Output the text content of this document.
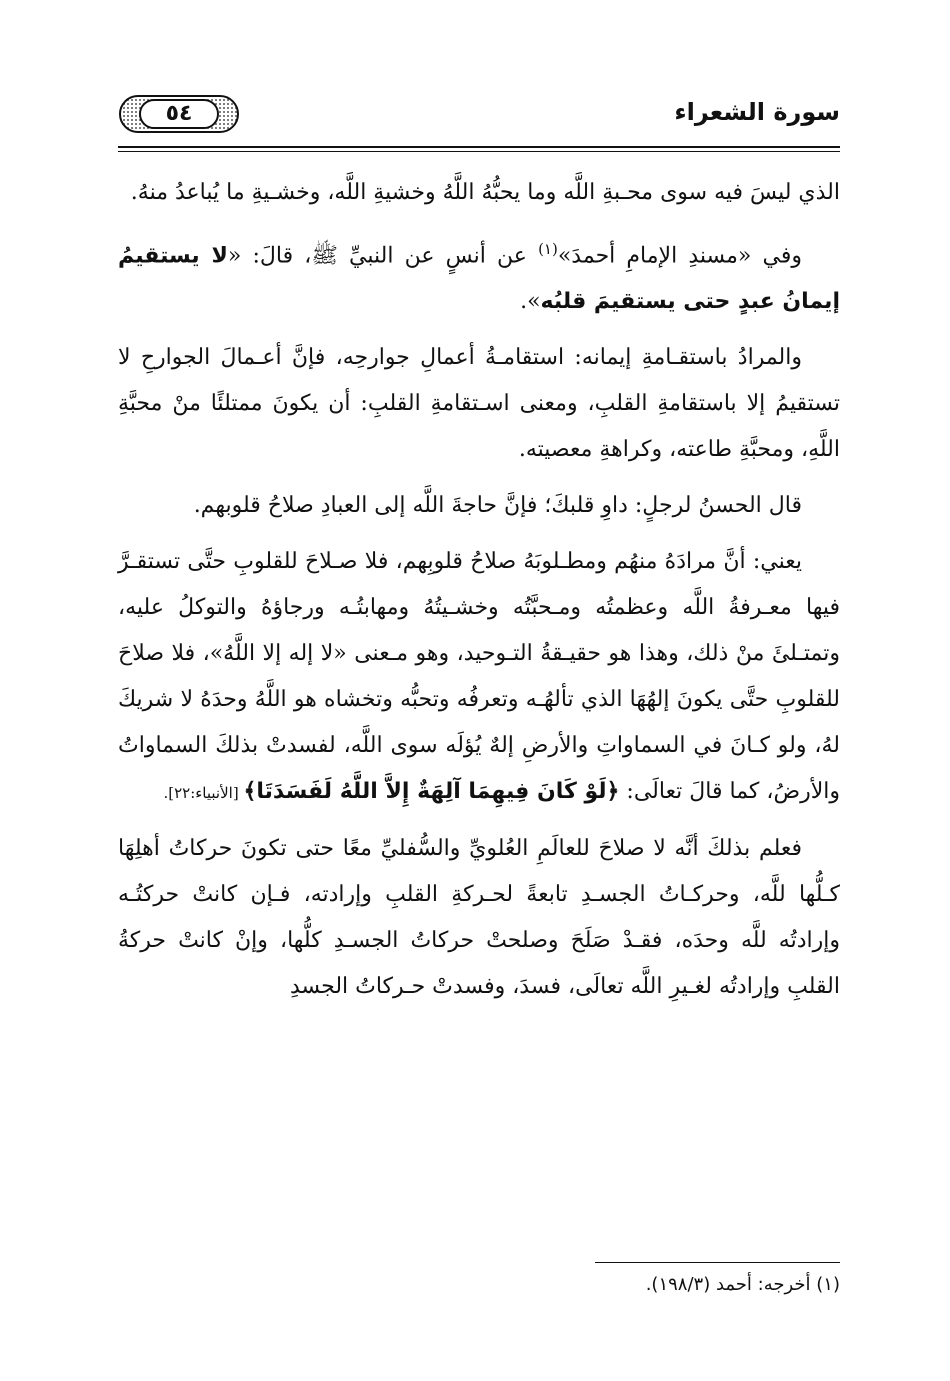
٥٤	سورة الشعراء

الذي ليسَ فيه سوى محـبةِ اللَّه وما يحبُّهُ اللَّهُ وخشيةِ اللَّه، وخشـيةِ ما يُباعدُ منهُ.

وفي «مسندِ الإمامِ أحمدَ»$^{(١)}$ عن أنسٍ عن النبيِّ ﷺ، قالَ: «لا يستقيمُ إيمانُ عبدٍ حتى يستقيمَ قلبُه».

والمرادُ باستقـامةِ إيمانه: استقامـةُ أعمالِ جوارحِه، فإنَّ أعـمالَ الجوارحِ لا تستقيمُ إلا باستقامةِ القلبِ، ومعنى اسـتقامةِ القلبِ: أن يكونَ ممتلئًا منْ محبَّةِ اللَّهِ، ومحبَّةِ طاعته، وكراهةِ معصيته.

قال الحسنُ لرجلٍ: داوِ قلبكَ؛ فإنَّ حاجةَ اللَّه إلى العبادِ صلاحُ قلوبهم.

يعني: أنَّ مرادَهُ منهُم ومطـلوبَهُ صلاحُ قلوبِهم، فلا صـلاحَ للقلوبِ حتَّى تستقـرَّ فيها معـرفةُ اللَّه وعظمتُه ومـحبَّتُه وخشـيتُهُ ومهابتُـه ورجاؤهُ والتوكلُ عليه، وتمتـلئَ منْ ذلك، وهذا هو حقيـقةُ التـوحيد، وهو مـعنى «لا إله إلا اللَّهُ»، فلا صلاحَ للقلوبِ حتَّى يكونَ إلهُهَا الذي تألهُـه وتعرفُه وتحبُّه وتخشاه هو اللَّهُ وحدَهُ لا شريكَ لهُ، ولو كـانَ في السماواتِ والأرضِ إلهٌ يُؤلَه سوى اللَّه، لفسدتْ بذلكَ السماواتُ والأرضُ، كما قالَ تعالَى: ﴿لَوْ كَانَ فِيهِمَا آلِهَةٌ إِلاَّ اللَّهُ لَفَسَدَتَا﴾ [الأنبياء:٢٢].

فعلم بذلكَ أنَّه لا صلاحَ للعالَمِ العُلويِّ والسُّفليِّ معًا حتى تكونَ حركاتُ أهلِهَا كـلُّها للَّه، وحركـاتُ الجسـدِ تابعةً لحـركةِ القلبِ وإرادته، فـإن كانتْ حركتُـه وإرادتُه للَّه وحدَه، فقـدْ صَلَحَ وصلحتْ حركاتُ الجسـدِ كلُّها، وإنْ كانتْ حركةُ القلبِ وإرادتُه لغـيرِ اللَّه تعالَى، فسدَ، وفسدتْ حـركاتُ الجسدِ

(١) أخرجه: أحمد (١٩٨/٣).
